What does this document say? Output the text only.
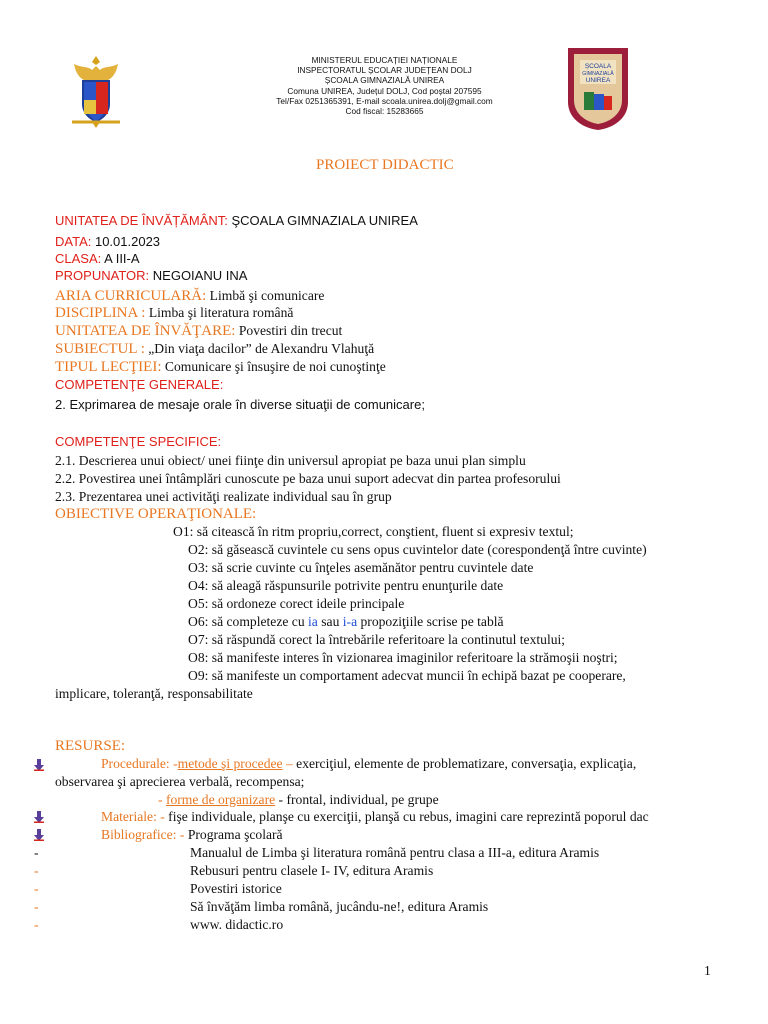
MINISTERUL EDUCAȚIEI NAȚIONALE
INSPECTORATUL ȘCOLAR JUDEȚEAN DOLJ
ȘCOALA GIMNAZIALĂ UNIREA
Comuna UNIREA, Județul DOLJ, Cod poștal 207595
Tel/Fax 0251365391, E-mail scoala.unirea.dolj@gmail.com
Cod fiscal: 15283665
ȘCOALA
GIMNAZIALĂ
UNIREA
PROIECT DIDACTIC
UNITATEA DE ÎNVĂȚĂMÂNT: ŞCOALA GIMNAZIALA UNIREA
DATA: 10.01.2023
CLASA: A III-A
PROPUNATOR: NEGOIANU INA
ARIA CURRICULARĂ: Limbă şi comunicare
DISCIPLINA : Limba şi literatura română
UNITATEA DE ÎNVĂŢARE: Povestiri din trecut
SUBIECTUL : „Din viaţa dacilor” de Alexandru Vlahuţă
TIPUL LECŢIEI: Comunicare şi însuşire de noi cunoştinţe
COMPETENŢE GENERALE:
2. Exprimarea de mesaje orale în diverse situaţii de comunicare;
COMPETENŢE SPECIFICE:
2.1. Descrierea unui obiect/ unei fiinţe din universul apropiat pe baza unui plan simplu
2.2. Povestirea unei întâmplări cunoscute pe baza unui suport adecvat din partea profesorului
2.3. Prezentarea unei activităţi realizate individual sau în grup
OBIECTIVE OPERAŢIONALE:
O1: să citească în ritm propriu,correct, conştient, fluent si expresiv textul;
O2: să găsească cuvintele cu sens opus cuvintelor date (corespondenţă între cuvinte)
O3: să scrie cuvinte cu înţeles asemănător pentru cuvintele date
O4: să aleagă răspunsurile potrivite pentru enunţurile date
O5: să ordoneze corect ideile principale
O6: să completeze cu ia sau i-a propoziţiile scrise pe tablă
O7: să răspundă corect la întrebările referitoare la continutul textului;
O8: să manifeste interes în vizionarea imaginilor referitoare la strămoşii noştri;
O9: să manifeste un comportament adecvat muncii în echipă bazat pe cooperare,
implicare, toleranţă, responsabilitate
RESURSE:
Procedurale: -metode şi procedee – exerciţiul, elemente de problematizare, conversaţia, explicaţia,
observarea şi aprecierea verbală, recompensa;
- forme de organizare - frontal, individual, pe grupe
Materiale: - fişe individuale, planşe cu exerciţii, planşă cu rebus, imagini care reprezintă poporul dac
Bibliografice: - Programa şcolară
-	Manualul de Limba şi literatura română pentru clasa a III-a, editura Aramis
-	Rebusuri pentru clasele I- IV, editura Aramis
-	Povestiri istorice
-	Să învăţăm limba română, jucându-ne!, editura Aramis
-	www. didactic.ro
1
